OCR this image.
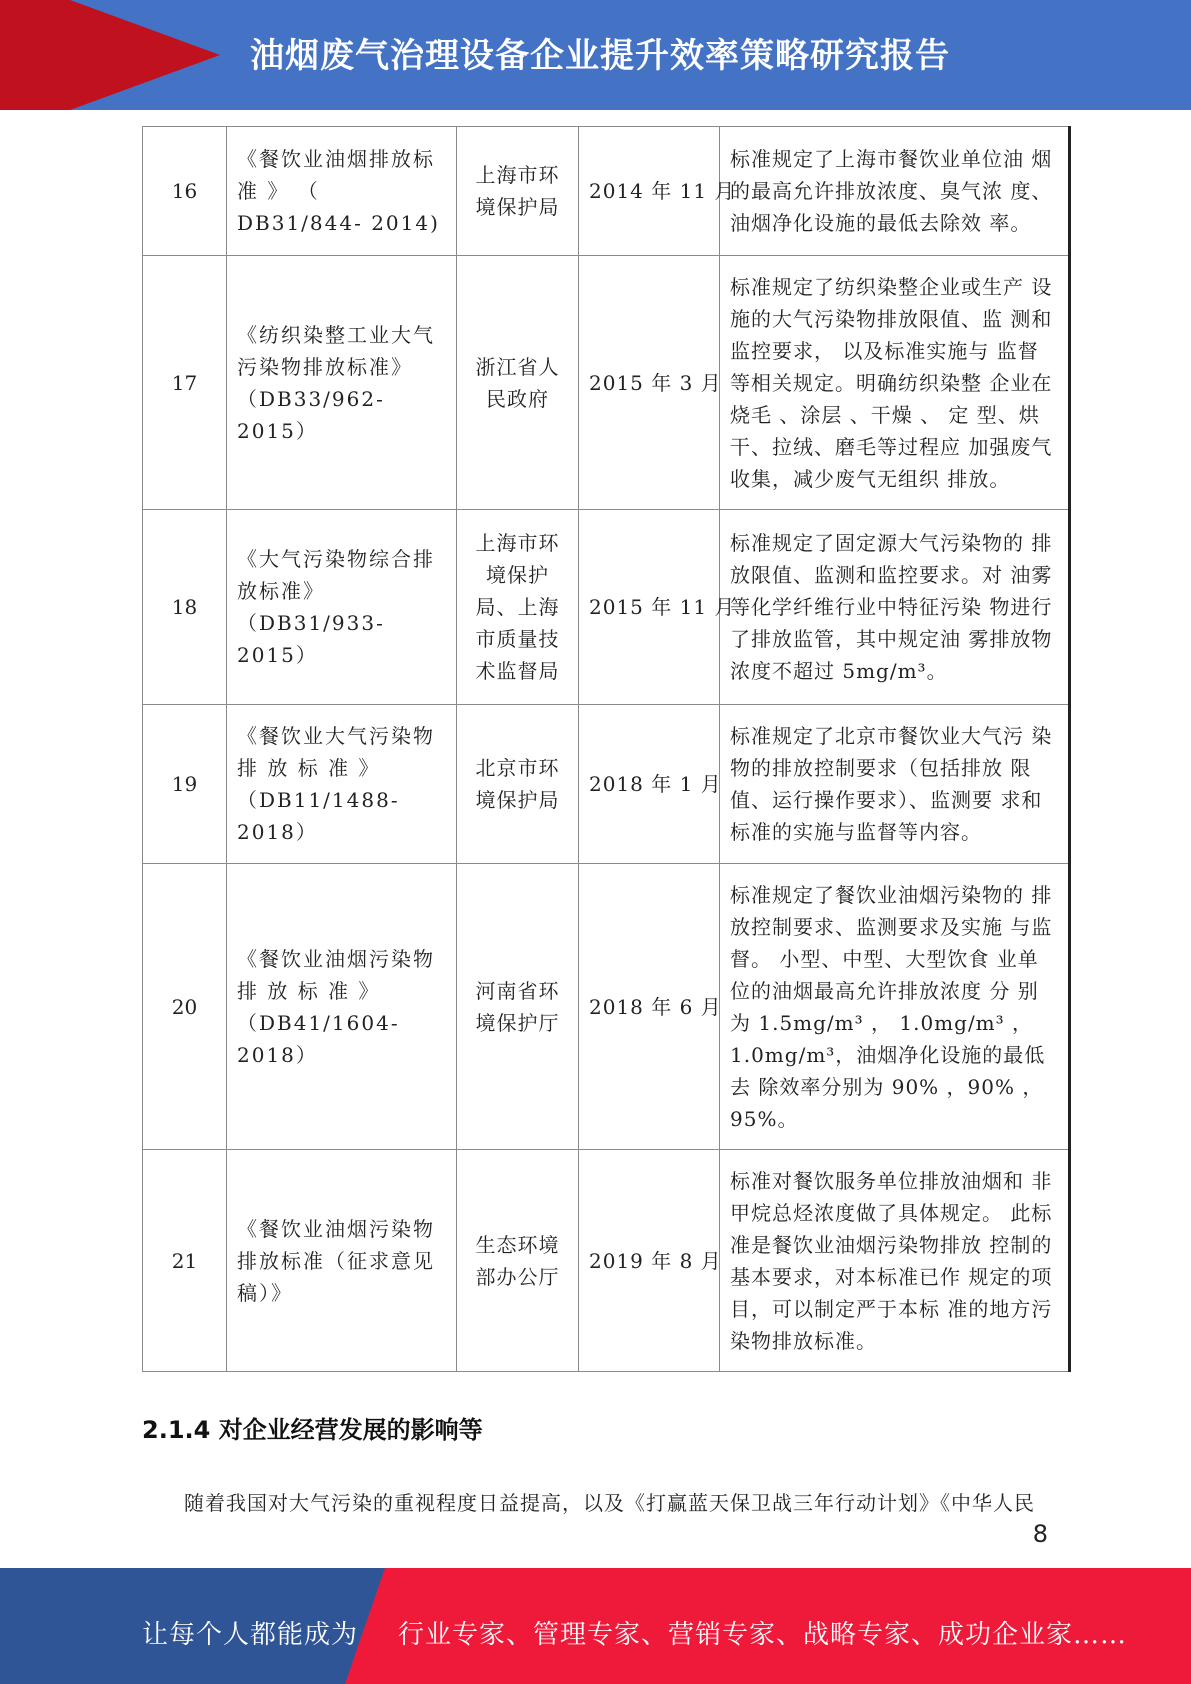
油烟废气治理设备企业提升效率策略研究报告
16	《餐饮业油烟排放标 准 》 （ DB31/844- 2014)	上海市环境保护局	2014 年 11 月	标准规定了上海市餐饮业单位油 烟的最高允许排放浓度、臭气浓 度、油烟净化设施的最低去除效 率。
17	《纺织染整工业大气 污染物排放标准》（DB33/962-2015）	浙江省人民政府	2015 年 3 月	标准规定了纺织染整企业或生产 设施的大气污染物排放限值、监 测和监控要求， 以及标准实施与 监督等相关规定。明确纺织染整 企业在烧毛 、涂层 、干燥 、 定 型、烘干、拉绒、磨毛等过程应 加强废气收集，减少废气无组织 排放。
18	《大气污染物综合排 放标准》（DB31/933- 2015）	上海市环境保护局、上海市质量技术监督局	2015 年 11 月	标准规定了固定源大气污染物的 排放限值、监测和监控要求。对 油雾等化学纤维行业中特征污染 物进行了排放监管，其中规定油 雾排放物浓度不超过 5mg/m³。
19	《餐饮业大气污染物 排 放 标 准 》（DB11/1488-2018）	北京市环境保护局	2018 年 1 月	标准规定了北京市餐饮业大气污 染物的排放控制要求（包括排放 限值、运行操作要求）、监测要 求和标准的实施与监督等内容。
20	《餐饮业油烟污染物 排 放 标 准 》（DB41/1604-2018）	河南省环境保护厅	2018 年 6 月	标准规定了餐饮业油烟污染物的 排放控制要求、监测要求及实施 与监督。 小型、中型、大型饮食 业单位的油烟最高允许排放浓度 分 别 为 1.5mg/m³ ， 1.0mg/m³ ， 1.0mg/m³，油烟净化设施的最低去 除效率分别为 90% ，90% ，95%。
21	《餐饮业油烟污染物 排放标准（征求意见 稿）》	生态环境部办公厅	2019 年 8 月	标准对餐饮服务单位排放油烟和 非甲烷总烃浓度做了具体规定。 此标准是餐饮业油烟污染物排放 控制的基本要求，对本标准已作 规定的项目，可以制定严于本标 准的地方污染物排放标准。
2.1.4 对企业经营发展的影响等
随着我国对大气污染的重视程度日益提高，以及《打赢蓝天保卫战三年行动计划》《中华人民
8
让每个人都能成为 行业专家、管理专家、营销专家、战略专家、成功企业家……
